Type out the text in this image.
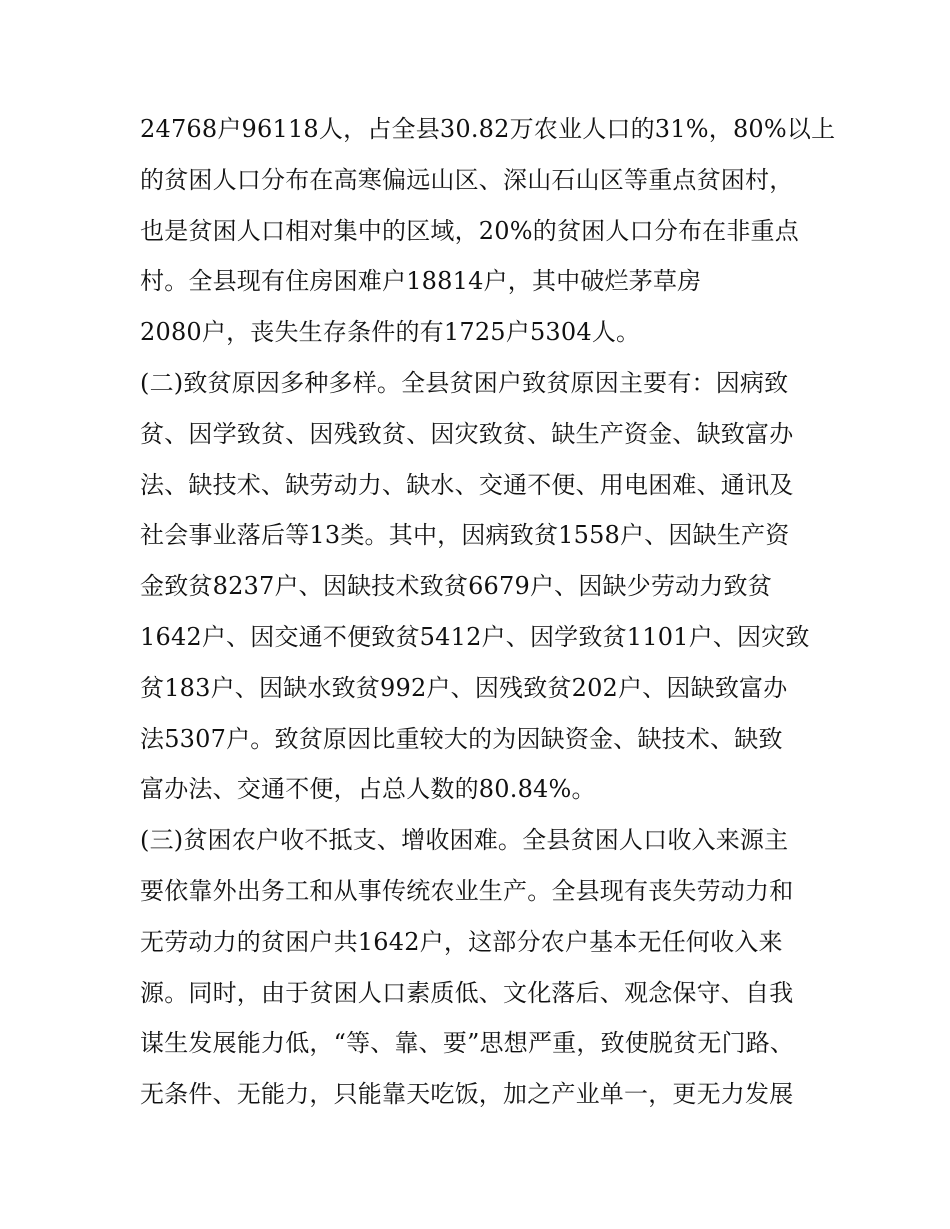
24768户96118人，占全县30.82万农业人口的31%，80%以上
的贫困人口分布在高寒偏远山区、深山石山区等重点贫困村，
也是贫困人口相对集中的区域，20%的贫困人口分布在非重点
村。全县现有住房困难户18814户，其中破烂茅草房
2080户，丧失生存条件的有1725户5304人。
(二)致贫原因多种多样。全县贫困户致贫原因主要有：因病致
贫、因学致贫、因残致贫、因灾致贫、缺生产资金、缺致富办
法、缺技术、缺劳动力、缺水、交通不便、用电困难、通讯及
社会事业落后等13类。其中，因病致贫1558户、因缺生产资
金致贫8237户、因缺技术致贫6679户、因缺少劳动力致贫
1642户、因交通不便致贫5412户、因学致贫1101户、因灾致
贫183户、因缺水致贫992户、因残致贫202户、因缺致富办
法5307户。致贫原因比重较大的为因缺资金、缺技术、缺致
富办法、交通不便，占总人数的80.84%。
(三)贫困农户收不抵支、增收困难。全县贫困人口收入来源主
要依靠外出务工和从事传统农业生产。全县现有丧失劳动力和
无劳动力的贫困户共1642户，这部分农户基本无任何收入来
源。同时，由于贫困人口素质低、文化落后、观念保守、自我
谋生发展能力低，“等、靠、要”思想严重，致使脱贫无门路、
无条件、无能力，只能靠天吃饭，加之产业单一，更无力发展
